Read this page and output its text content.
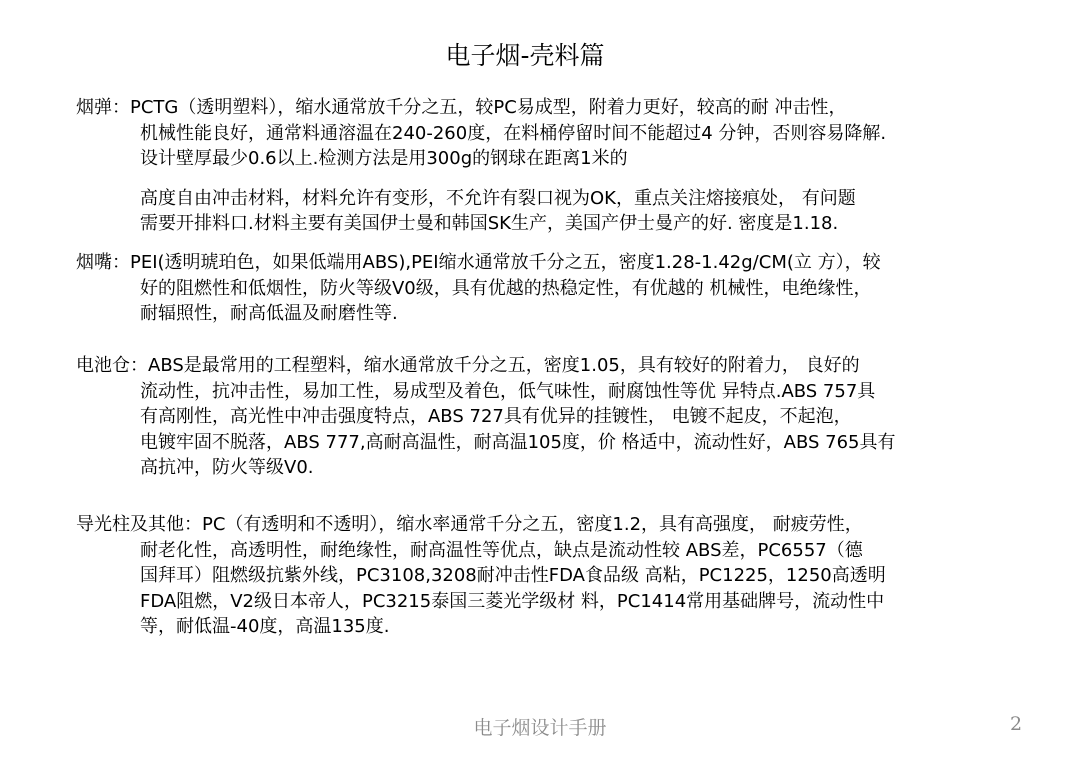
电子烟-壳料篇
烟弹：PCTG（透明塑料），缩水通常放千分之五，较PC易成型，附着力更好，较高的耐 冲击性，
机械性能良好，通常料通溶温在240-260度，在料桶停留时间不能超过4 分钟，否则容易降解.
设计壁厚最少0.6以上.检测方法是用300g的钢球在距离1米的
高度自由冲击材料，材料允许有变形，不允许有裂口视为OK，重点关注熔接痕处， 有问题
需要开排料口.材料主要有美国伊士曼和韩国SK生产，美国产伊士曼产的好. 密度是1.18.
烟嘴：PEI(透明琥珀色，如果低端用ABS),PEI缩水通常放千分之五，密度1.28-1.42g/CM(立 方），较
好的阻燃性和低烟性，防火等级V0级，具有优越的热稳定性，有优越的 机械性，电绝缘性，
耐辐照性，耐高低温及耐磨性等.
电池仓：ABS是最常用的工程塑料，缩水通常放千分之五，密度1.05，具有较好的附着力， 良好的
流动性，抗冲击性，易加工性，易成型及着色，低气味性，耐腐蚀性等优 异特点.ABS 757具
有高刚性，高光性中冲击强度特点，ABS 727具有优异的挂镀性， 电镀不起皮，不起泡，
电镀牢固不脱落，ABS 777,高耐高温性，耐高温105度，价 格适中，流动性好，ABS 765具有
高抗冲，防火等级V0.
导光柱及其他：PC（有透明和不透明），缩水率通常千分之五，密度1.2，具有高强度， 耐疲劳性，
耐老化性，高透明性，耐绝缘性，耐高温性等优点，缺点是流动性较 ABS差，PC6557（德
国拜耳）阻燃级抗紫外线，PC3108,3208耐冲击性FDA食品级 高粘，PC1225，1250高透明
FDA阻燃，V2级日本帝人，PC3215泰国三菱光学级材 料，PC1414常用基础牌号，流动性中
等，耐低温-40度，高温135度.
电子烟设计手册	2
